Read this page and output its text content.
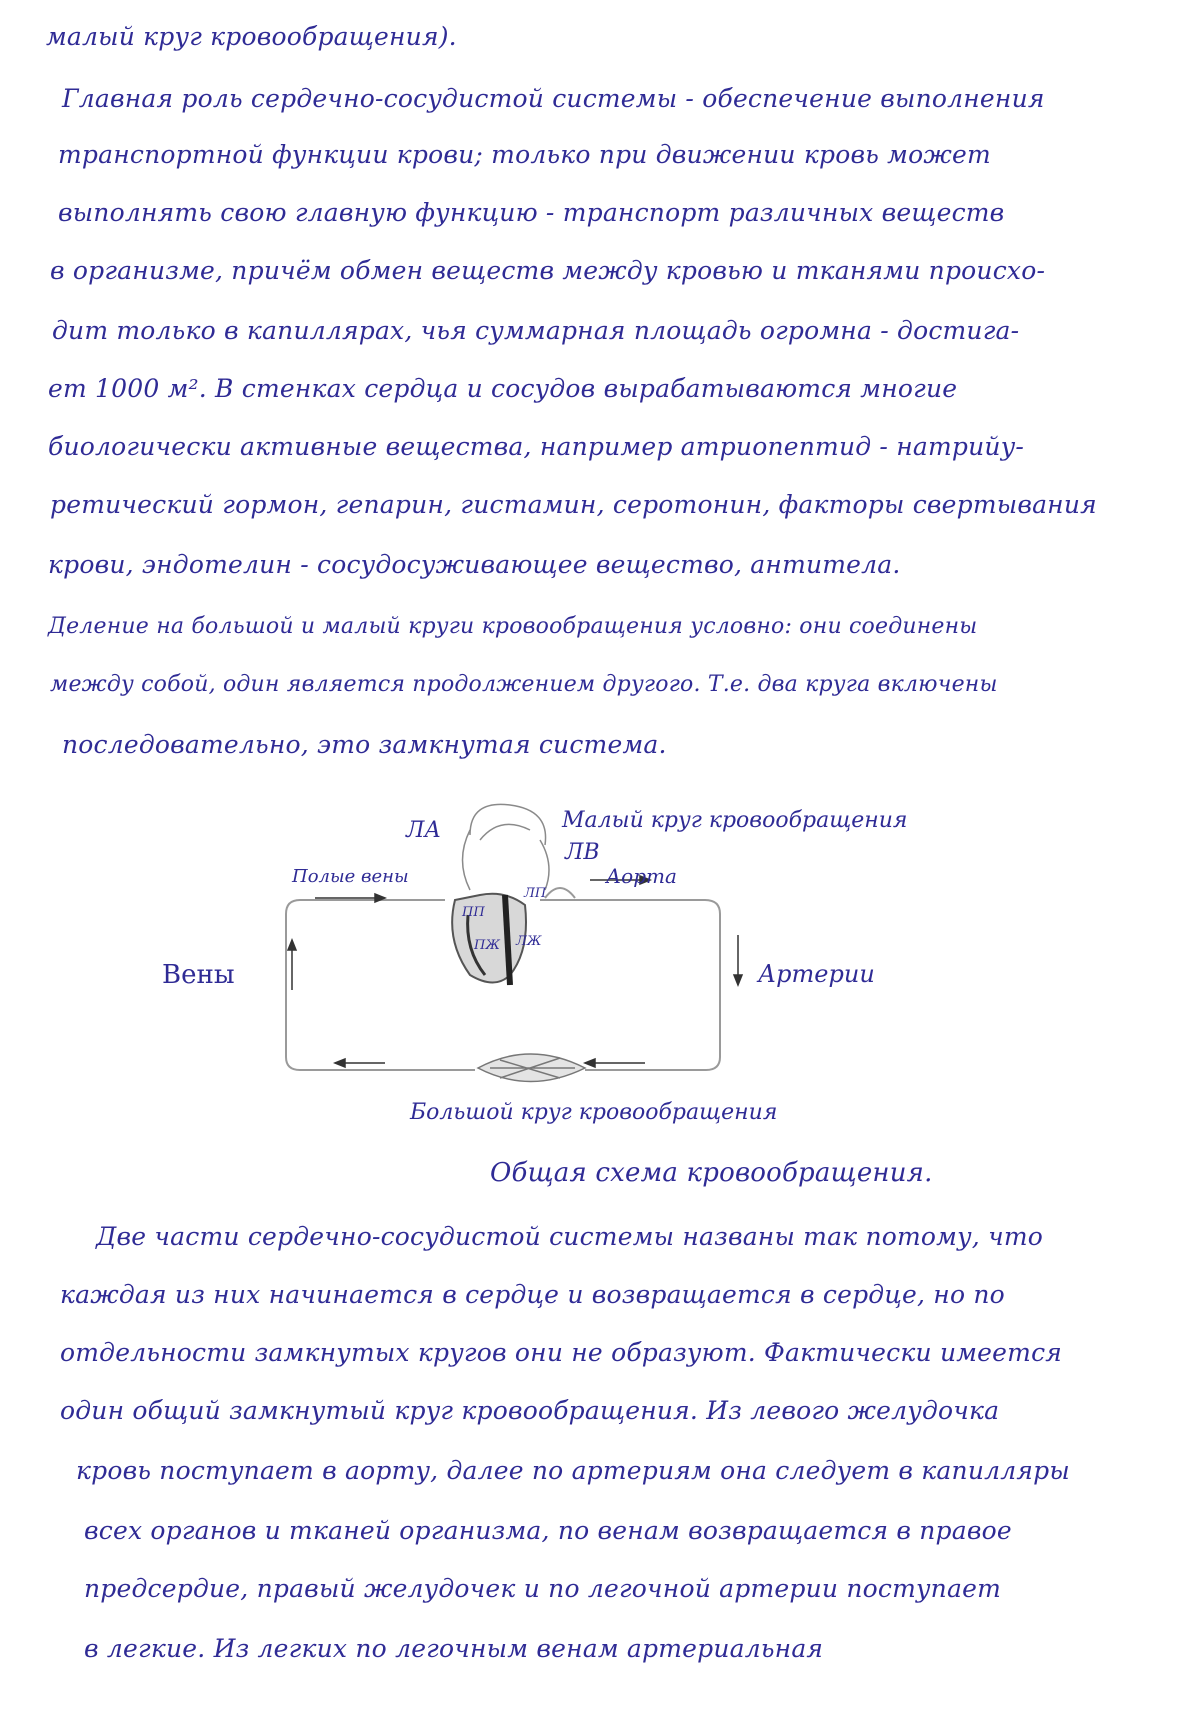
малый круг кровообращения).
Главная роль сердечно-сосудистой системы - обеспечение выполнения
транспортной функции крови; только при движении кровь может
выполнять свою главную функцию - транспорт различных веществ
в организме, причём обмен веществ между кровью и тканями происхо-
дит только в капиллярах, чья суммарная площадь огромна - достига-
ет 1000 м². В стенках сердца и сосудов вырабатываются многие
биологически активные вещества, например атриопептид - натрийу-
ретический гормон, гепарин, гистамин, серотонин, факторы свертывания
крови, эндотелин - сосудосуживающее вещество, антитела.
Деление на большой и малый круги кровообращения условно: они соединены
между собой, один является продолжением другого. Т.е. два круга включены
последовательно, это замкнутая система.
ЛА
ЛВ
Малый круг кровообращения
Полые вены	Аорта
ПП
ЛП
ПЖ ЛЖ
Вены	Артерии
Большой круг кровообращения
Общая схема кровообращения.
Две части сердечно-сосудистой системы названы так потому, что
каждая из них начинается в сердце и возвращается в сердце, но по
отдельности замкнутых кругов они не образуют. Фактически имеется
один общий замкнутый круг кровообращения. Из левого желудочка
кровь поступает в аорту, далее по артериям она следует в капилляры
всех органов и тканей организма, по венам возвращается в правое
предсердие, правый желудочек и по легочной артерии поступает
в легкие. Из легких по легочным венам артериальная
